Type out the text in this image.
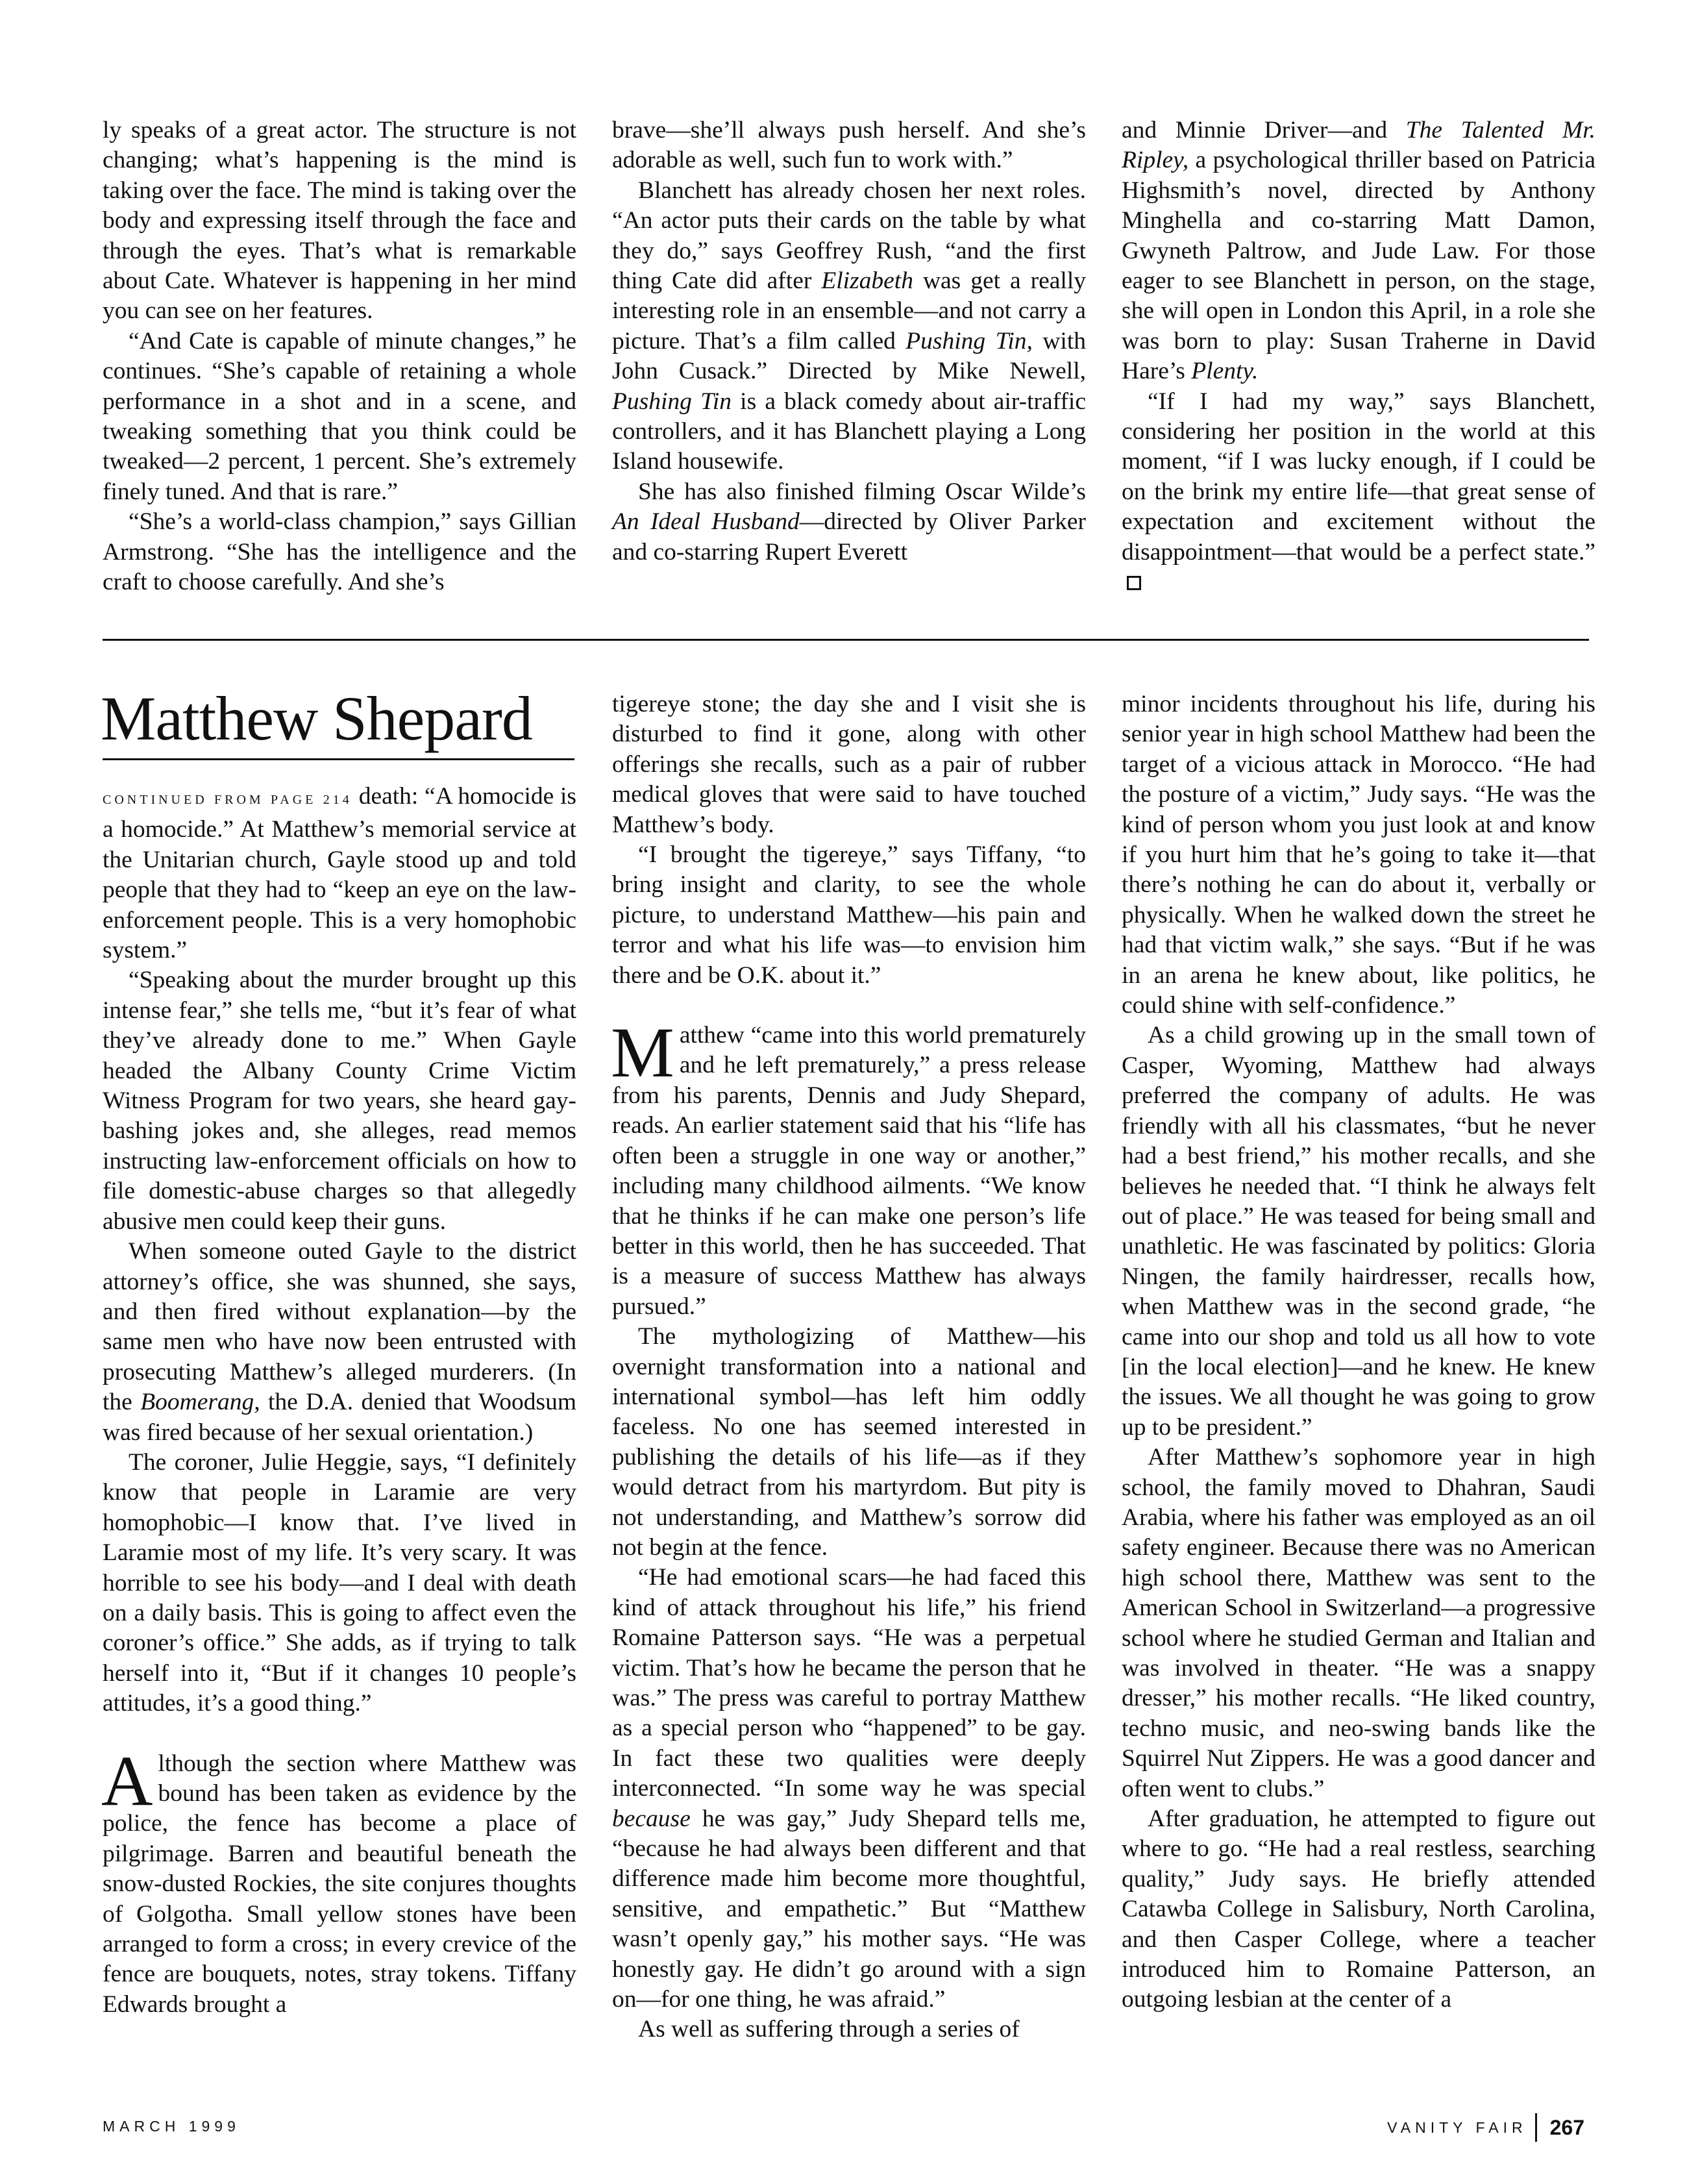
ly speaks of a great actor. The structure is not changing; what’s happening is the mind is taking over the face. The mind is taking over the body and expressing itself through the face and through the eyes. That’s what is remarkable about Cate. Whatever is happening in her mind you can see on her features.

“And Cate is capable of minute changes,” he continues. “She’s capable of retaining a whole performance in a shot and in a scene, and tweaking something that you think could be tweaked—2 percent, 1 percent. She’s extremely finely tuned. And that is rare.”

“She’s a world-class champion,” says Gillian Armstrong. “She has the intelligence and the craft to choose carefully. And she’s

brave—she’ll always push herself. And she’s adorable as well, such fun to work with.”

Blanchett has already chosen her next roles. “An actor puts their cards on the table by what they do,” says Geoffrey Rush, “and the first thing Cate did after Elizabeth was get a really interesting role in an ensemble—and not carry a picture. That’s a film called Pushing Tin, with John Cusack.” Directed by Mike Newell, Pushing Tin is a black comedy about air-traffic controllers, and it has Blanchett playing a Long Island housewife.

She has also finished filming Oscar Wilde’s An Ideal Husband—directed by Oliver Parker and co-starring Rupert Everett

and Minnie Driver—and The Talented Mr. Ripley, a psychological thriller based on Patricia Highsmith’s novel, directed by Anthony Minghella and co-starring Matt Damon, Gwyneth Paltrow, and Jude Law. For those eager to see Blanchett in person, on the stage, she will open in London this April, in a role she was born to play: Susan Traherne in David Hare’s Plenty.

“If I had my way,” says Blanchett, considering her position in the world at this moment, “if I was lucky enough, if I could be on the brink my entire life—that great sense of expectation and excitement without the disappointment—that would be a perfect state.”

Matthew Shepard

CONTINUED FROM PAGE 214 death: “A homocide is a homocide.” At Matthew’s memorial service at the Unitarian church, Gayle stood up and told people that they had to “keep an eye on the law-enforcement people. This is a very homophobic system.”

“Speaking about the murder brought up this intense fear,” she tells me, “but it’s fear of what they’ve already done to me.” When Gayle headed the Albany County Crime Victim Witness Program for two years, she heard gay-bashing jokes and, she alleges, read memos instructing law-enforcement officials on how to file domestic-abuse charges so that allegedly abusive men could keep their guns.

When someone outed Gayle to the district attorney’s office, she was shunned, she says, and then fired without explanation—by the same men who have now been entrusted with prosecuting Matthew’s alleged murderers. (In the Boomerang, the D.A. denied that Woodsum was fired because of her sexual orientation.)

The coroner, Julie Heggie, says, “I definitely know that people in Laramie are very homophobic—I know that. I’ve lived in Laramie most of my life. It’s very scary. It was horrible to see his body—and I deal with death on a daily basis. This is going to affect even the coroner’s office.” She adds, as if trying to talk herself into it, “But if it changes 10 people’s attitudes, it’s a good thing.”

Although the section where Matthew was bound has been taken as evidence by the police, the fence has become a place of pilgrimage. Barren and beautiful beneath the snow-dusted Rockies, the site conjures thoughts of Golgotha. Small yellow stones have been arranged to form a cross; in every crevice of the fence are bouquets, notes, stray tokens. Tiffany Edwards brought a

tigereye stone; the day she and I visit she is disturbed to find it gone, along with other offerings she recalls, such as a pair of rubber medical gloves that were said to have touched Matthew’s body.

“I brought the tigereye,” says Tiffany, “to bring insight and clarity, to see the whole picture, to understand Matthew—his pain and terror and what his life was—to envision him there and be O.K. about it.”

Matthew “came into this world prematurely and he left prematurely,” a press release from his parents, Dennis and Judy Shepard, reads. An earlier statement said that his “life has often been a struggle in one way or another,” including many childhood ailments. “We know that he thinks if he can make one person’s life better in this world, then he has succeeded. That is a measure of success Matthew has always pursued.”

The mythologizing of Matthew—his overnight transformation into a national and international symbol—has left him oddly faceless. No one has seemed interested in publishing the details of his life—as if they would detract from his martyrdom. But pity is not understanding, and Matthew’s sorrow did not begin at the fence.

“He had emotional scars—he had faced this kind of attack throughout his life,” his friend Romaine Patterson says. “He was a perpetual victim. That’s how he became the person that he was.” The press was careful to portray Matthew as a special person who “happened” to be gay. In fact these two qualities were deeply interconnected. “In some way he was special because he was gay,” Judy Shepard tells me, “because he had always been different and that difference made him become more thoughtful, sensitive, and empathetic.” But “Matthew wasn’t openly gay,” his mother says. “He was honestly gay. He didn’t go around with a sign on—for one thing, he was afraid.”

As well as suffering through a series of

minor incidents throughout his life, during his senior year in high school Matthew had been the target of a vicious attack in Morocco. “He had the posture of a victim,” Judy says. “He was the kind of person whom you just look at and know if you hurt him that he’s going to take it—that there’s nothing he can do about it, verbally or physically. When he walked down the street he had that victim walk,” she says. “But if he was in an arena he knew about, like politics, he could shine with self-confidence.”

As a child growing up in the small town of Casper, Wyoming, Matthew had always preferred the company of adults. He was friendly with all his classmates, “but he never had a best friend,” his mother recalls, and she believes he needed that. “I think he always felt out of place.” He was teased for being small and unathletic. He was fascinated by politics: Gloria Ningen, the family hairdresser, recalls how, when Matthew was in the second grade, “he came into our shop and told us all how to vote [in the local election]—and he knew. He knew the issues. We all thought he was going to grow up to be president.”

After Matthew’s sophomore year in high school, the family moved to Dhahran, Saudi Arabia, where his father was employed as an oil safety engineer. Because there was no American high school there, Matthew was sent to the American School in Switzerland—a progressive school where he studied German and Italian and was involved in theater. “He was a snappy dresser,” his mother recalls. “He liked country, techno music, and neo-swing bands like the Squirrel Nut Zippers. He was a good dancer and often went to clubs.”

After graduation, he attempted to figure out where to go. “He had a real restless, searching quality,” Judy says. He briefly attended Catawba College in Salisbury, North Carolina, and then Casper College, where a teacher introduced him to Romaine Patterson, an outgoing lesbian at the center of a

MARCH 1999	VANITY FAIR 267
